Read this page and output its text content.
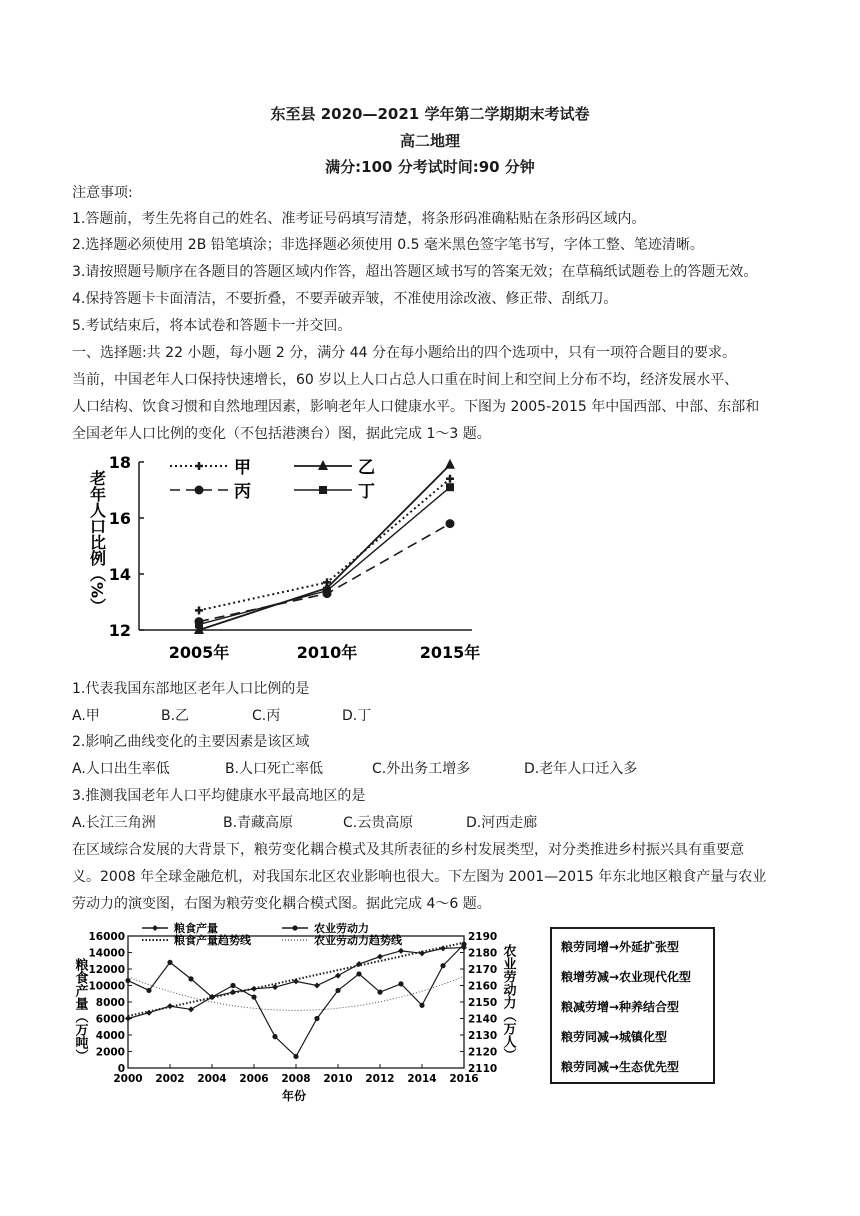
东至县 2020—2021 学年第二学期期末考试卷
高二地理
满分:100 分考试时间:90 分钟
注意事项:
1.答题前，考生先将自己的姓名、准考证号码填写清楚，将条形码准确粘贴在条形码区域内。
2.选择题必须使用 2B 铅笔填涂；非选择题必须使用 0.5 毫米黑色签字笔书写，字体工整、笔迹清晰。
3.请按照题号顺序在各题目的答题区域内作答，超出答题区域书写的答案无效；在草稿纸试题卷上的答题无效。
4.保持答题卡卡面清洁，不要折叠，不要弄破弄皱，不准使用涂改液、修正带、刮纸刀。
5.考试结束后，将本试卷和答题卡一并交回。
一、选择题:共 22 小题，每小题 2 分，满分 44 分在每小题给出的四个选项中，只有一项符合题目的要求。
当前，中国老年人口保持快速增长，60 岁以上人口占总人口重在时间上和空间上分布不均，经济发展水平、
人口结构、饮食习惯和自然地理因素，影响老年人口健康水平。下图为 2005-2015 年中国西部、中部、东部和
全国老年人口比例的变化（不包括港澳台）图，据此完成 1～3 题。
老年人口比例（%）
12
14
16
18
2005年	2010年	2015年
甲	乙
丙	丁
1.代表我国东部地区老年人口比例的是
A.甲	B.乙	C.丙	D.丁
2.影响乙曲线变化的主要因素是该区域
A.人口出生率低	B.人口死亡率低	C.外出务工增多	D.老年人口迁入多
3.推测我国老年人口平均健康水平最高地区的是
A.长江三角洲	B.青藏高原	C.云贵高原	D.河西走廊
在区域综合发展的大背景下，粮劳变化耦合模式及其所表征的乡村发展类型，对分类推进乡村振兴具有重要意
义。2008 年全球金融危机，对我国东北区农业影响也很大。下左图为 2001—2015 年东北地区粮食产量与农业
劳动力的演变图，右图为粮劳变化耦合模式图。据此完成 4～6 题。
粮食产量（万吨）	农业劳动力（万人）
年份
0
2000
4000
6000
8000
10000
12000
14000
16000
2110
2120
2130
2140
2150
2160
2170
2180
2190
2000 2002 2004 2006 2008 2010 2012 2014 2016
粮食产量	农业劳动力
粮食产量趋势线	农业劳动力趋势线	粮劳同增→外延扩张型
粮增劳减→农业现代化型
粮减劳增→种养结合型
粮劳同减→城镇化型
粮劳同减→生态优先型
